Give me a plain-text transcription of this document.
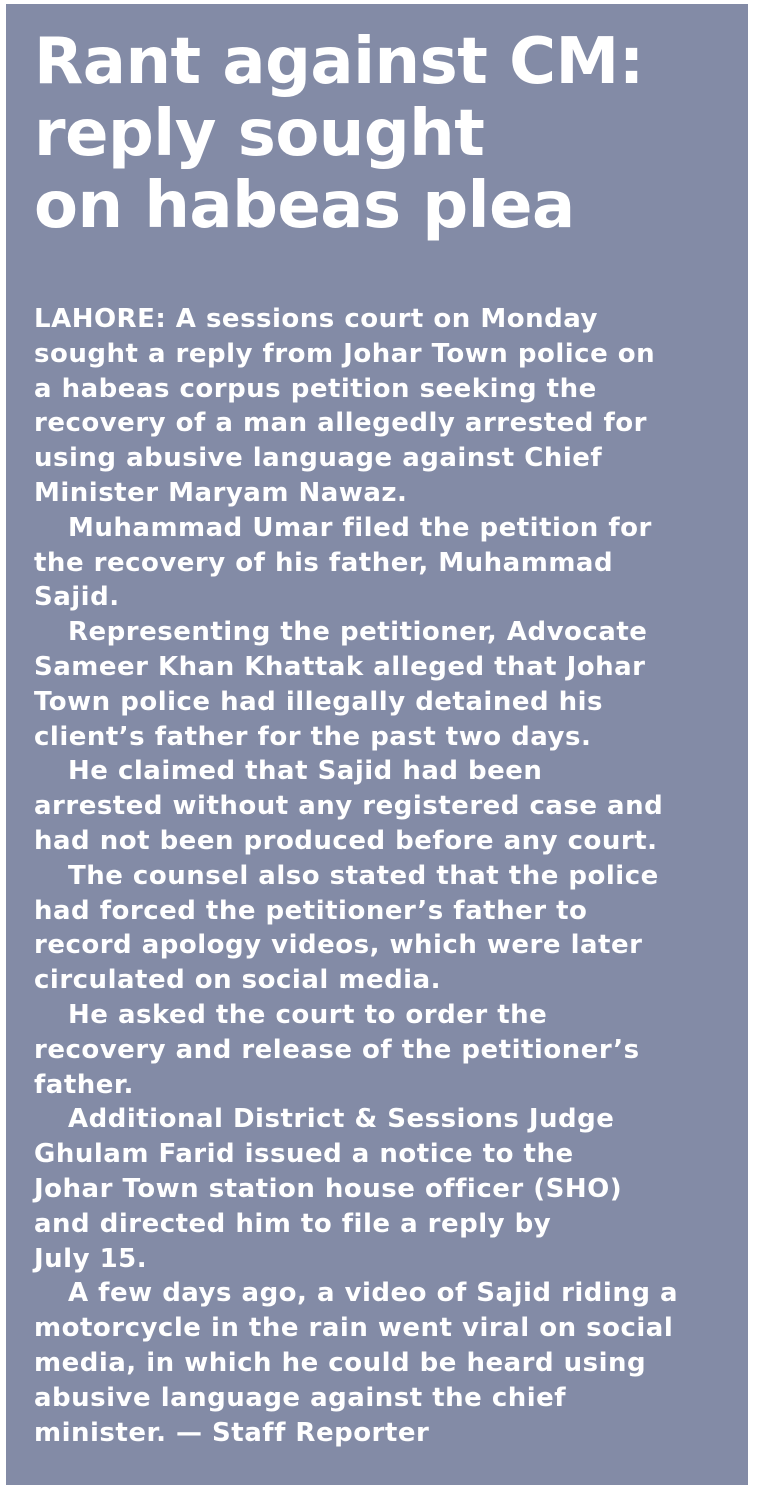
Rant against CM:
reply sought
on habeas plea
LAHORE: A sessions court on Monday
sought a reply from Johar Town police on
a habeas corpus petition seeking the
recovery of a man allegedly arrested for
using abusive language against Chief
Minister Maryam Nawaz.
Muhammad Umar filed the petition for
the recovery of his father, Muhammad
Sajid.
Representing the petitioner, Advocate
Sameer Khan Khattak alleged that Johar
Town police had illegally detained his
client’s father for the past two days.
He claimed that Sajid had been
arrested without any registered case and
had not been produced before any court.
The counsel also stated that the police
had forced the petitioner’s father to
record apology videos, which were later
circulated on social media.
He asked the court to order the
recovery and release of the petitioner’s
father.
Additional District & Sessions Judge
Ghulam Farid issued a notice to the
Johar Town station house officer (SHO)
and directed him to file a reply by
July 15.
A few days ago, a video of Sajid riding a
motorcycle in the rain went viral on social
media, in which he could be heard using
abusive language against the chief
minister. — Staff Reporter
